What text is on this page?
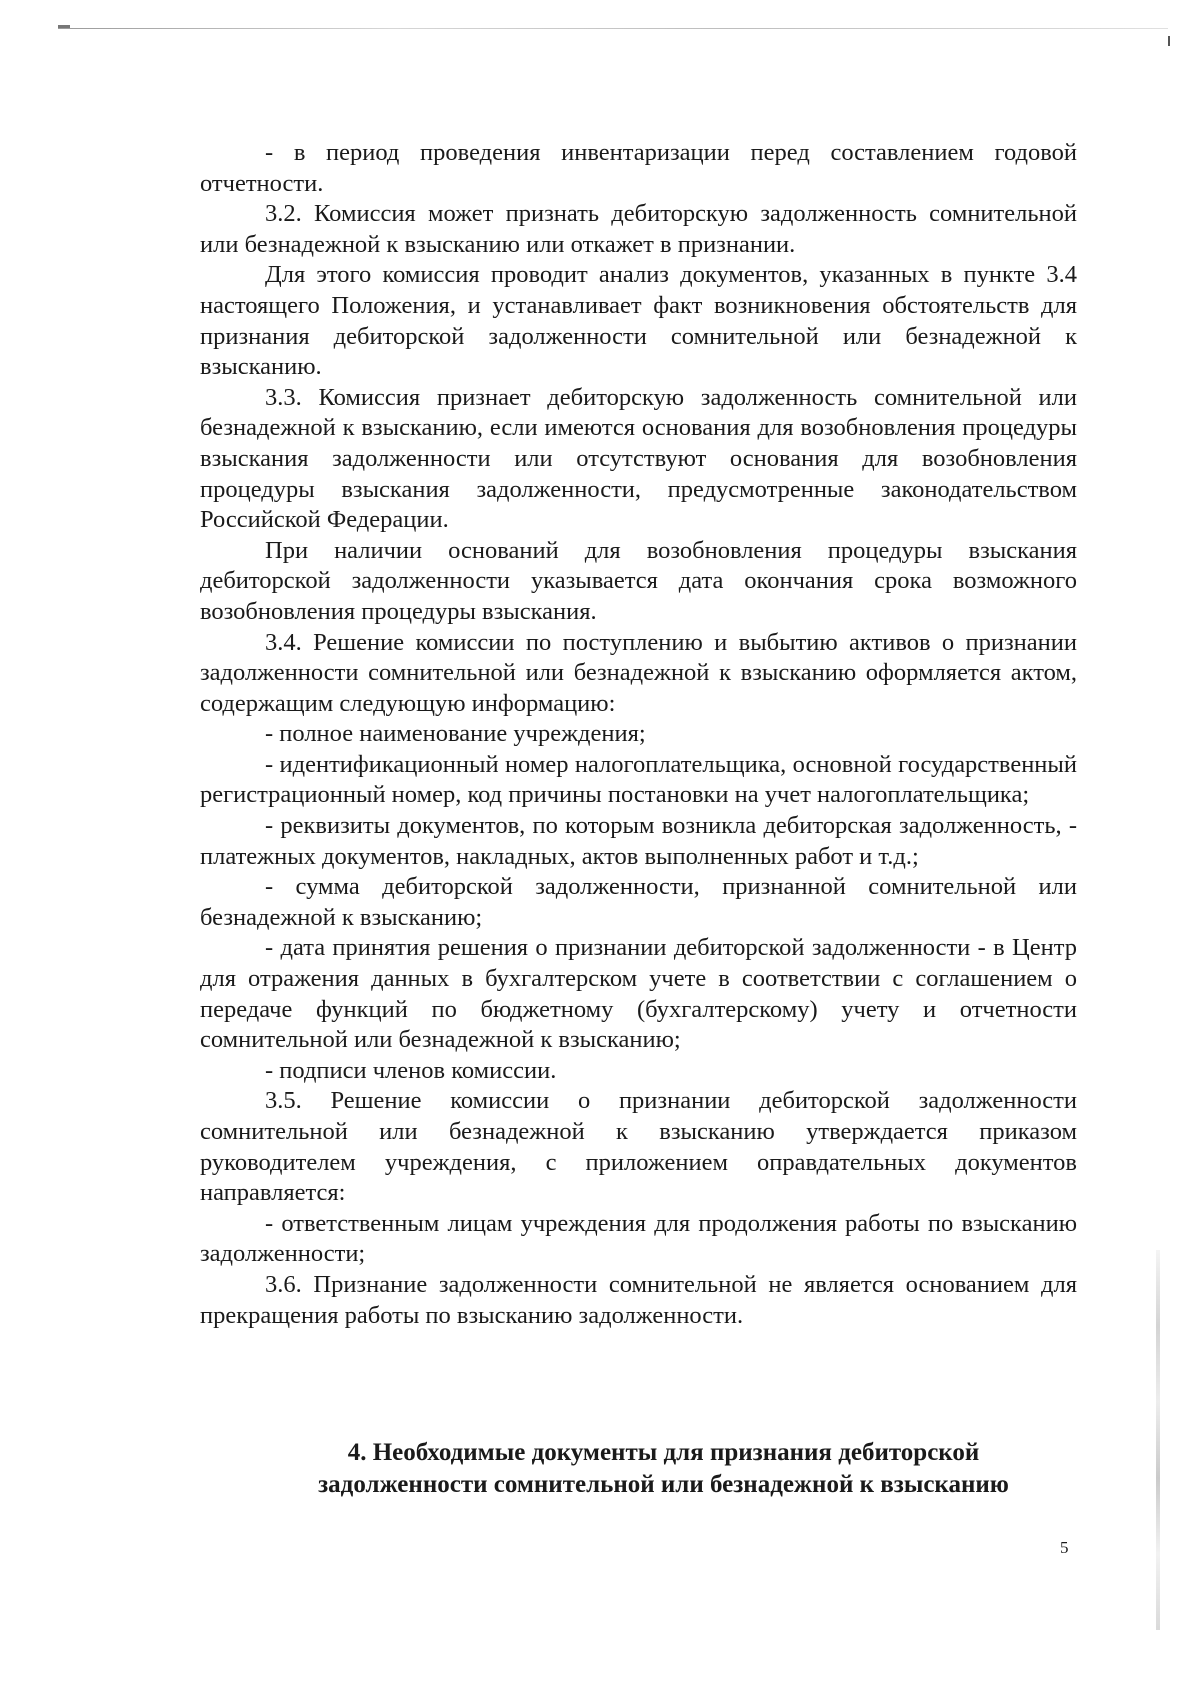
- в период проведения инвентаризации перед составлением годовой отчетности.

3.2. Комиссия может признать дебиторскую задолженность сомнительной или безнадежной к взысканию или откажет в признании.

Для этого комиссия проводит анализ документов, указанных в пункте 3.4 настоящего Положения, и устанавливает факт возникновения обстоятельств для признания дебиторской задолженности сомнительной или безнадежной к взысканию.

3.3. Комиссия признает дебиторскую задолженность сомнительной или безнадежной к взысканию, если имеются основания для возобновления процедуры взыскания задолженности или отсутствуют основания для возобновления процедуры взыскания задолженности, предусмотренные законодательством Российской Федерации.

При наличии оснований для возобновления процедуры взыскания дебиторской задолженности указывается дата окончания срока возможного возобновления процедуры взыскания.

3.4. Решение комиссии по поступлению и выбытию активов о признании задолженности сомнительной или безнадежной к взысканию оформляется актом, содержащим следующую информацию:

- полное наименование учреждения;

- идентификационный номер налогоплательщика, основной государственный регистрационный номер, код причины постановки на учет налогоплательщика;

- реквизиты документов, по которым возникла дебиторская задолженность, - платежных документов, накладных, актов выполненных работ и т.д.;

- сумма дебиторской задолженности, признанной сомнительной или безнадежной к взысканию;

- дата принятия решения о признании дебиторской задолженности - в Центр для отражения данных в бухгалтерском учете в соответствии с соглашением о передаче функций по бюджетному (бухгалтерскому) учету и отчетности сомнительной или безнадежной к взысканию;

- подписи членов комиссии.

3.5. Решение комиссии о признании дебиторской задолженности сомнительной или безнадежной к взысканию утверждается приказом руководителем учреждения, с приложением оправдательных документов направляется:

- ответственным лицам учреждения для продолжения работы по взысканию задолженности;

3.6. Признание задолженности сомнительной не является основанием для прекращения работы по взысканию задолженности.

4. Необходимые документы для признания дебиторской
задолженности сомнительной или безнадежной к взысканию
5
